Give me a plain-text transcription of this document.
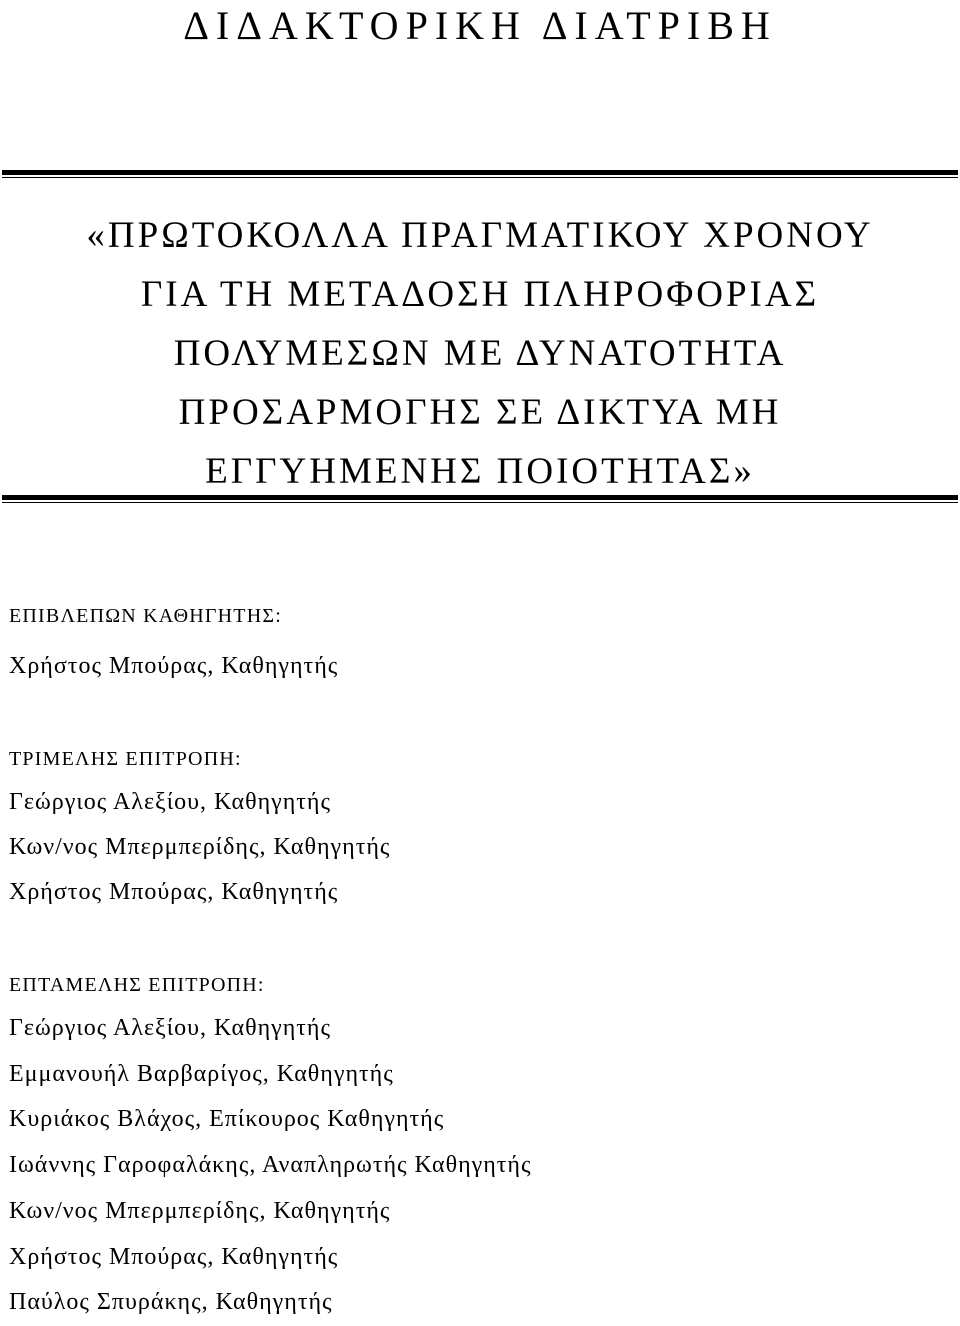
ΔΙΔΑΚΤΟΡΙΚΗ ΔΙΑΤΡΙΒΗ
«ΠΡΩΤΟΚΟΛΛΑ ΠΡΑΓΜΑΤΙΚΟΥ ΧΡΟΝΟΥ
ΓΙΑ ΤΗ ΜΕΤΑΔΟΣΗ ΠΛΗΡΟΦΟΡΙΑΣ
ΠΟΛΥΜΕΣΩΝ ΜΕ ΔΥΝΑΤΟΤΗΤΑ
ΠΡΟΣΑΡΜΟΓΗΣ ΣΕ ΔΙΚΤΥΑ ΜΗ
ΕΓΓΥΗΜΕΝΗΣ ΠΟΙΟΤΗΤΑΣ»
ΕΠΙΒΛΕΠΩΝ ΚΑΘΗΓΗΤΗΣ:
Χρήστος Μπούρας, Καθηγητής
ΤΡΙΜΕΛΗΣ ΕΠΙΤΡΟΠΗ:
Γεώργιος Αλεξίου, Καθηγητής
Κων/νος Μπερμπερίδης, Καθηγητής
Χρήστος Μπούρας, Καθηγητής
ΕΠΤΑΜΕΛΗΣ ΕΠΙΤΡΟΠΗ:
Γεώργιος Αλεξίου, Καθηγητής
Εμμανουήλ Βαρβαρίγος, Καθηγητής
Κυριάκος Βλάχος, Επίκουρος Καθηγητής
Ιωάννης Γαροφαλάκης, Αναπληρωτής Καθηγητής
Κων/νος Μπερμπερίδης, Καθηγητής
Χρήστος Μπούρας, Καθηγητής
Παύλος Σπυράκης, Καθηγητής
